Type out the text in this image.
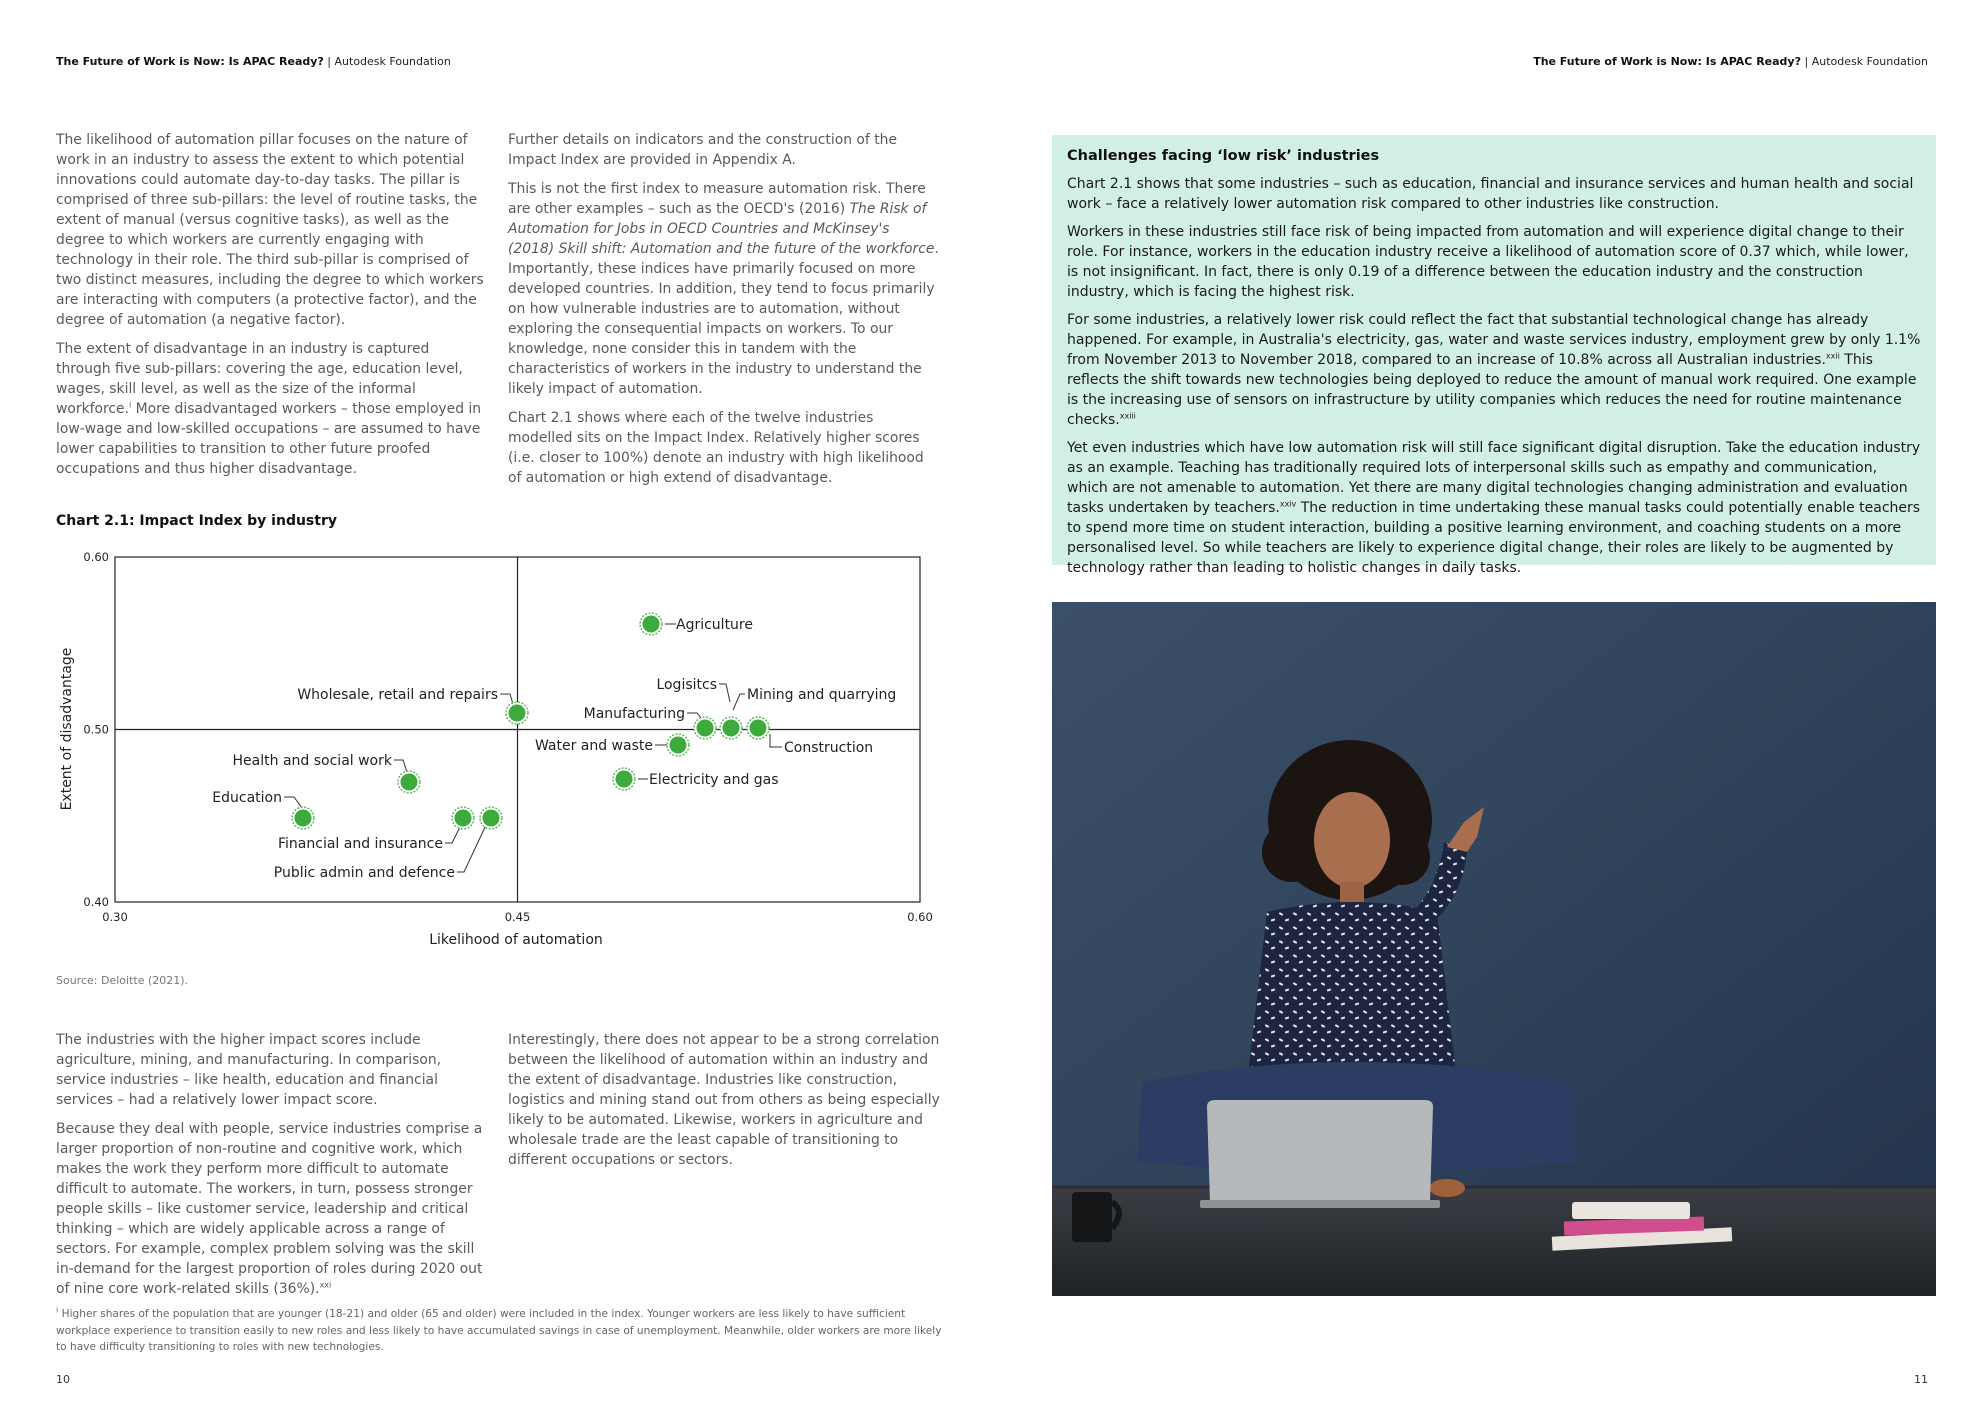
The Future of Work is Now: Is APAC Ready? | Autodesk Foundation	The Future of Work is Now: Is APAC Ready? | Autodesk Foundation

The likelihood of automation pillar focuses on the nature of work in an industry to assess the extent to which potential innovations could automate day-to-day tasks. The pillar is comprised of three sub-pillars: the level of routine tasks, the extent of manual (versus cognitive tasks), as well as the degree to which workers are currently engaging with technology in their role. The third sub-pillar is comprised of two distinct measures, including the degree to which workers are interacting with computers (a protective factor), and the degree of automation (a negative factor).

The extent of disadvantage in an industry is captured through five sub-pillars: covering the age, education level, wages, skill level, as well as the size of the informal workforce.$^i$ More disadvantaged workers – those employed in low-wage and low-skilled occupations – are assumed to have lower capabilities to transition to other future proofed occupations and thus higher disadvantage.

Further details on indicators and the construction of the Impact Index are provided in Appendix A.

This is not the first index to measure automation risk. There are other examples – such as the OECD's (2016) The Risk of Automation for Jobs in OECD Countries and McKinsey's (2018) Skill shift: Automation and the future of the workforce. Importantly, these indices have primarily focused on more developed countries. In addition, they tend to focus primarily on how vulnerable industries are to automation, without exploring the consequential impacts on workers. To our knowledge, none consider this in tandem with the characteristics of workers in the industry to understand the likely impact of automation.

Chart 2.1 shows where each of the twelve industries modelled sits on the Impact Index. Relatively higher scores (i.e. closer to 100%) denote an industry with high likelihood of automation or high extend of disadvantage.

Chart 2.1: Impact Index by industry
0.30	0.45	0.60
0.60
0.50
0.40
Agriculture
Wholesale, retail and repairs
Logisitcs
Mining and quarrying
Manufacturing
Water and waste	Construction
Electricity and gas
Health and social work
Education
Financial and insurance
Public admin and defence
Likelihood of automation
Extent of disadvantage
Source: Deloitte (2021).

The industries with the higher impact scores include agriculture, mining, and manufacturing. In comparison, service industries – like health, education and financial services – had a relatively lower impact score.

Because they deal with people, service industries comprise a larger proportion of non-routine and cognitive work, which makes the work they perform more difficult to automate difficult to automate. The workers, in turn, possess stronger people skills – like customer service, leadership and critical thinking – which are widely applicable across a range of sectors. For example, complex problem solving was the skill in-demand for the largest proportion of roles during 2020 out of nine core work-related skills (36%).$^{xxi}$

Interestingly, there does not appear to be a strong correlation between the likelihood of automation within an industry and the extent of disadvantage. Industries like construction, logistics and mining stand out from others as being especially likely to be automated. Likewise, workers in agriculture and wholesale trade are the least capable of transitioning to different occupations or sectors.

$^i$ Higher shares of the population that are younger (18-21) and older (65 and older) were included in the index. Younger workers are less likely to have sufficient workplace experience to transition easily to new roles and less likely to have accumulated savings in case of unemployment. Meanwhile, older workers are more likely to have difficulty transitioning to roles with new technologies.
10	11
Challenges facing ‘low risk’ industries

Chart 2.1 shows that some industries – such as education, financial and insurance services and human health and social work – face a relatively lower automation risk compared to other industries like construction.

Workers in these industries still face risk of being impacted from automation and will experience digital change to their role. For instance, workers in the education industry receive a likelihood of automation score of 0.37 which, while lower, is not insignificant. In fact, there is only 0.19 of a difference between the education industry and the construction industry, which is facing the highest risk.

For some industries, a relatively lower risk could reflect the fact that substantial technological change has already happened. For example, in Australia's electricity, gas, water and waste services industry, employment grew by only 1.1% from November 2013 to November 2018, compared to an increase of 10.8% across all Australian industries.$^{xxii}$ This reflects the shift towards new technologies being deployed to reduce the amount of manual work required. One example is the increasing use of sensors on infrastructure by utility companies which reduces the need for routine maintenance checks.$^{xxiii}$

Yet even industries which have low automation risk will still face significant digital disruption. Take the education industry as an example. Teaching has traditionally required lots of interpersonal skills such as empathy and communication, which are not amenable to automation. Yet there are many digital technologies changing administration and evaluation tasks undertaken by teachers.$^{xxiv}$ The reduction in time undertaking these manual tasks could potentially enable teachers to spend more time on student interaction, building a positive learning environment, and coaching students on a more personalised level. So while teachers are likely to experience digital change, their roles are likely to be augmented by technology rather than leading to holistic changes in daily tasks.
